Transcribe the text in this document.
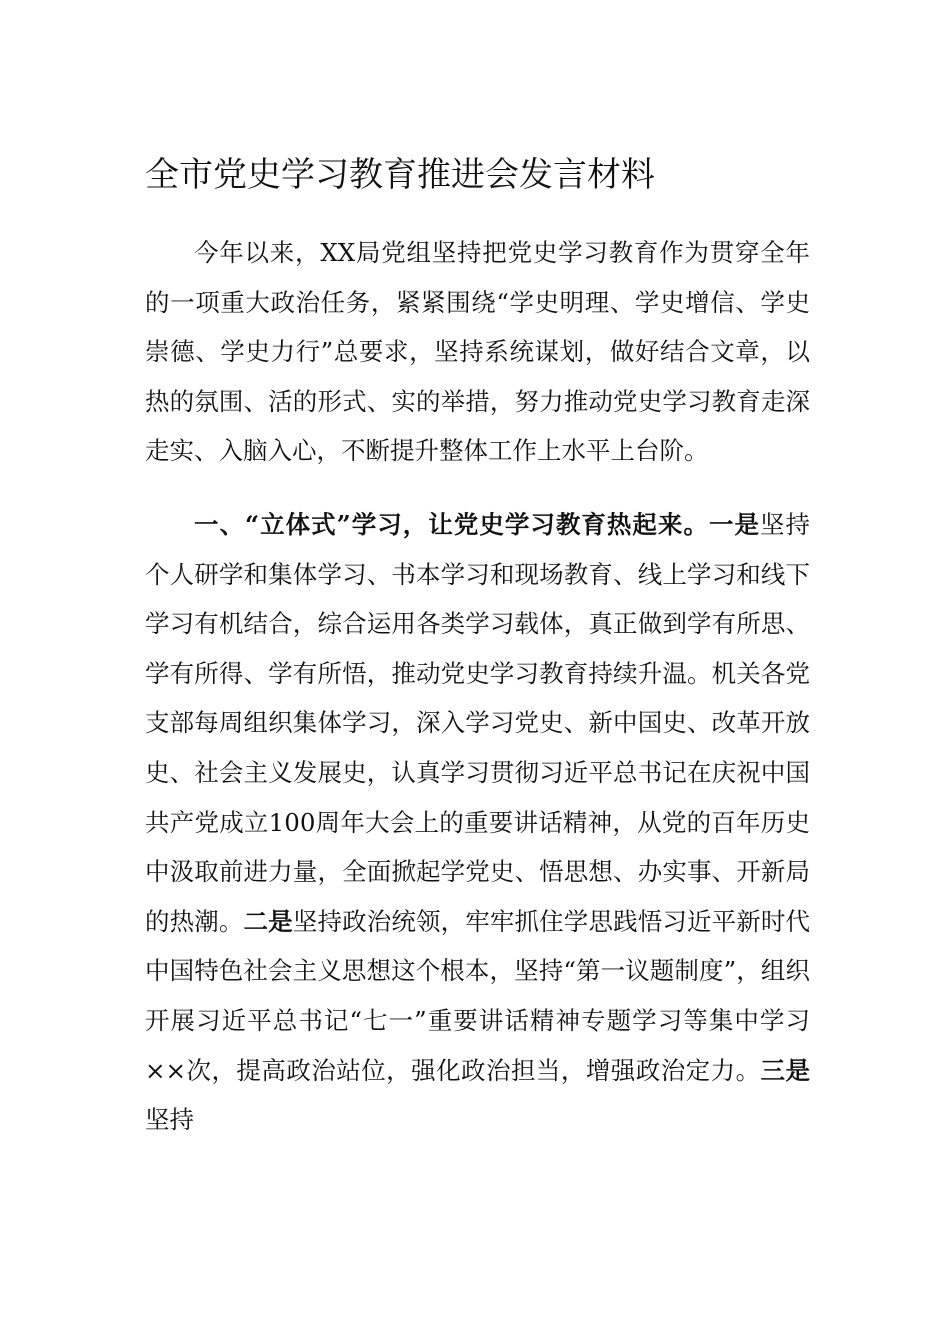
全市党史学习教育推进会发言材料

今年以来，XX局党组坚持把党史学习教育作为贯穿全年的一项重大政治任务，紧紧围绕“学史明理、学史增信、学史崇德、学史力行”总要求，坚持系统谋划，做好结合文章，以热的氛围、活的形式、实的举措，努力推动党史学习教育走深走实、入脑入心，不断提升整体工作上水平上台阶。

一、“立体式”学习，让党史学习教育热起来。一是坚持个人研学和集体学习、书本学习和现场教育、线上学习和线下学习有机结合，综合运用各类学习载体，真正做到学有所思、学有所得、学有所悟，推动党史学习教育持续升温。机关各党支部每周组织集体学习，深入学习党史、新中国史、改革开放史、社会主义发展史，认真学习贯彻习近平总书记在庆祝中国共产党成立100周年大会上的重要讲话精神，从党的百年历史中汲取前进力量，全面掀起学党史、悟思想、办实事、开新局的热潮。二是坚持政治统领，牢牢抓住学思践悟习近平新时代中国特色社会主义思想这个根本，坚持“第一议题制度”，组织开展习近平总书记“七一”重要讲话精神专题学习等集中学习××次，提高政治站位，强化政治担当，增强政治定力。三是坚持
